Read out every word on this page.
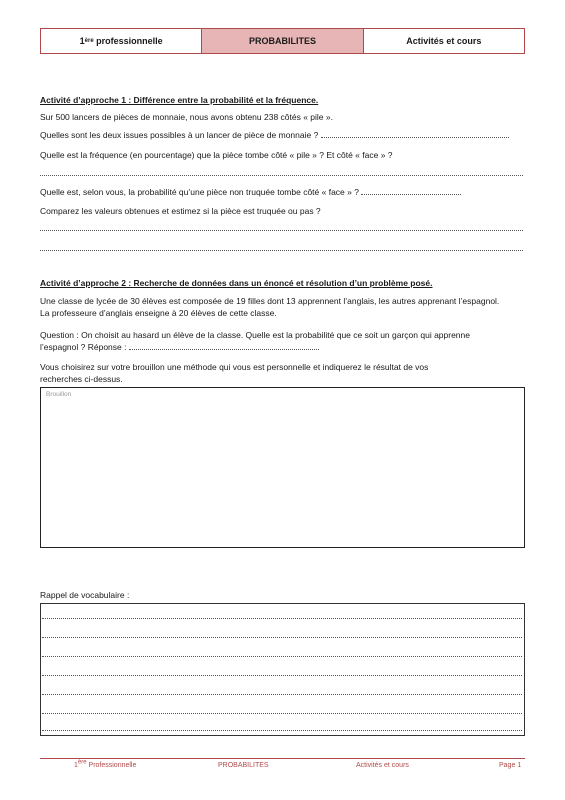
1 ère professionnelle	PROBABILITES	Activités et cours
Activité d’approche 1 : Différence entre la probabilité et la fréquence.
Sur 500 lancers de pièces de monnaie, nous avons obtenu 238 côtés « pile ».
Quelles sont les deux issues possibles à un lancer de pièce de monnaie ?
Quelle est la fréquence (en pourcentage) que la pièce tombe côté « pile » ? Et côté « face » ?
Quelle est, selon vous, la probabilité qu’une pièce non truquée tombe côté « face » ?
Comparez les valeurs obtenues et estimez si la pièce est truquée ou pas ?
Activité d’approche 2 : Recherche de données dans un énoncé et résolution d’un problème posé.
Une classe de lycée de 30 élèves est composée de 19 filles dont 13 apprennent l’anglais, les autres apprenant l’espagnol. La professeure d’anglais enseigne à 20 élèves de cette classe.
Question : On choisit au hasard un élève de la classe. Quelle est la probabilité que ce soit un garçon qui apprenne
l’espagnol ? Réponse :
Vous choisirez sur votre brouillon une méthode qui vous est personnelle et indiquerez le résultat de vos recherches ci-dessus.
Brouillon
Rappel de vocabulaire :
1ère Professionnelle	PROBABILITES	Activités et cours	Page 1
